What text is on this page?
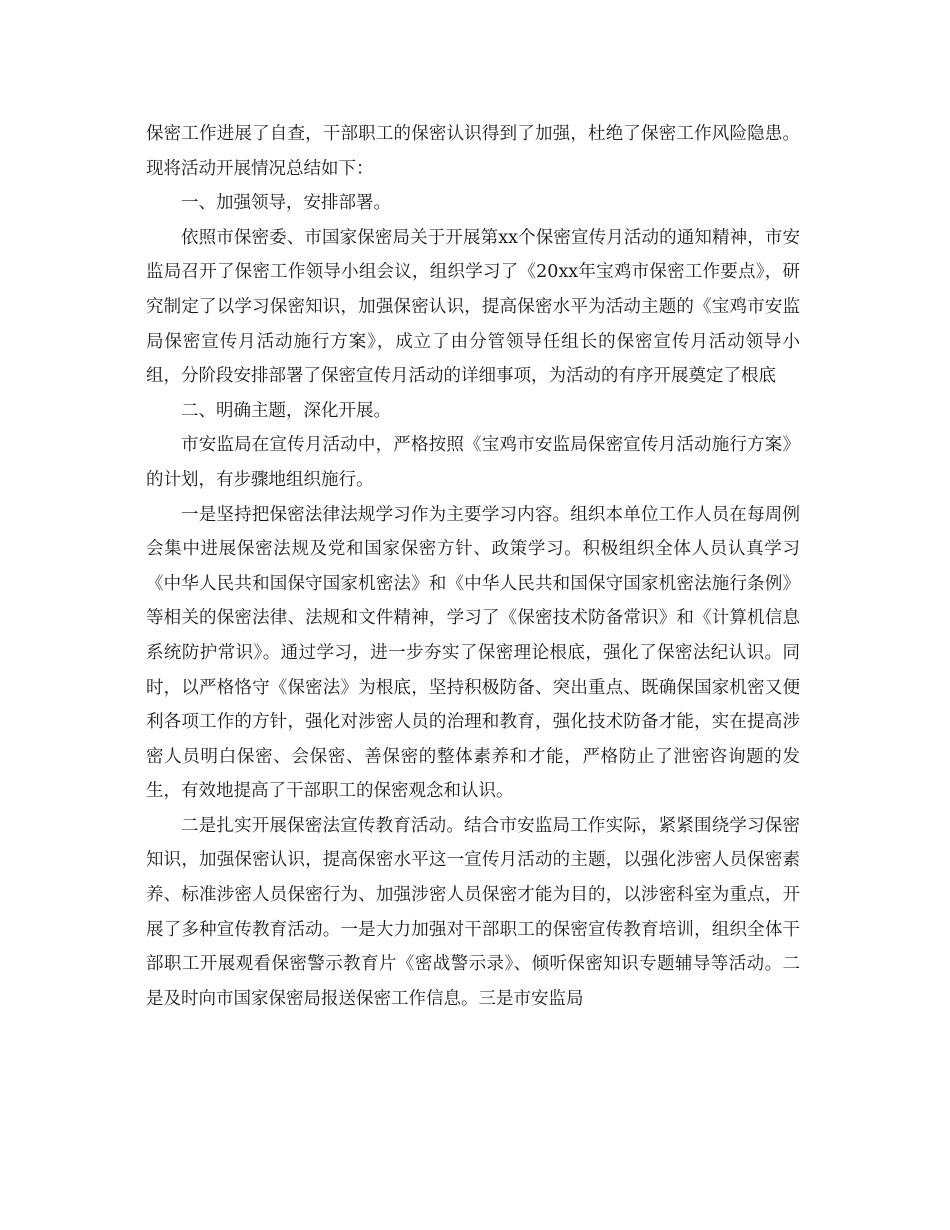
保密工作进展了自查，干部职工的保密认识得到了加强，杜绝了保密工作风险隐患。现将活动开展情况总结如下：

一、加强领导，安排部署。

依照市保密委、市国家保密局关于开展第xx个保密宣传月活动的通知精神，市安监局召开了保密工作领导小组会议，组织学习了《20xx年宝鸡市保密工作要点》，研究制定了以学习保密知识，加强保密认识，提高保密水平为活动主题的《宝鸡市安监局保密宣传月活动施行方案》，成立了由分管领导任组长的保密宣传月活动领导小组，分阶段安排部署了保密宣传月活动的详细事项，为活动的有序开展奠定了根底

二、明确主题，深化开展。

市安监局在宣传月活动中，严格按照《宝鸡市安监局保密宣传月活动施行方案》的计划，有步骤地组织施行。

一是坚持把保密法律法规学习作为主要学习内容。组织本单位工作人员在每周例会集中进展保密法规及党和国家保密方针、政策学习。积极组织全体人员认真学习《中华人民共和国保守国家机密法》和《中华人民共和国保守国家机密法施行条例》等相关的保密法律、法规和文件精神，学习了《保密技术防备常识》和《计算机信息系统防护常识》。通过学习，进一步夯实了保密理论根底，强化了保密法纪认识。同时，以严格恪守《保密法》为根底，坚持积极防备、突出重点、既确保国家机密又便利各项工作的方针，强化对涉密人员的治理和教育，强化技术防备才能，实在提高涉密人员明白保密、会保密、善保密的整体素养和才能，严格防止了泄密咨询题的发生，有效地提高了干部职工的保密观念和认识。

二是扎实开展保密法宣传教育活动。结合市安监局工作实际，紧紧围绕学习保密知识，加强保密认识，提高保密水平这一宣传月活动的主题，以强化涉密人员保密素养、标准涉密人员保密行为、加强涉密人员保密才能为目的，以涉密科室为重点，开展了多种宣传教育活动。一是大力加强对干部职工的保密宣传教育培训，组织全体干部职工开展观看保密警示教育片《密战警示录》、倾听保密知识专题辅导等活动。二是及时向市国家保密局报送保密工作信息。三是市安监局
